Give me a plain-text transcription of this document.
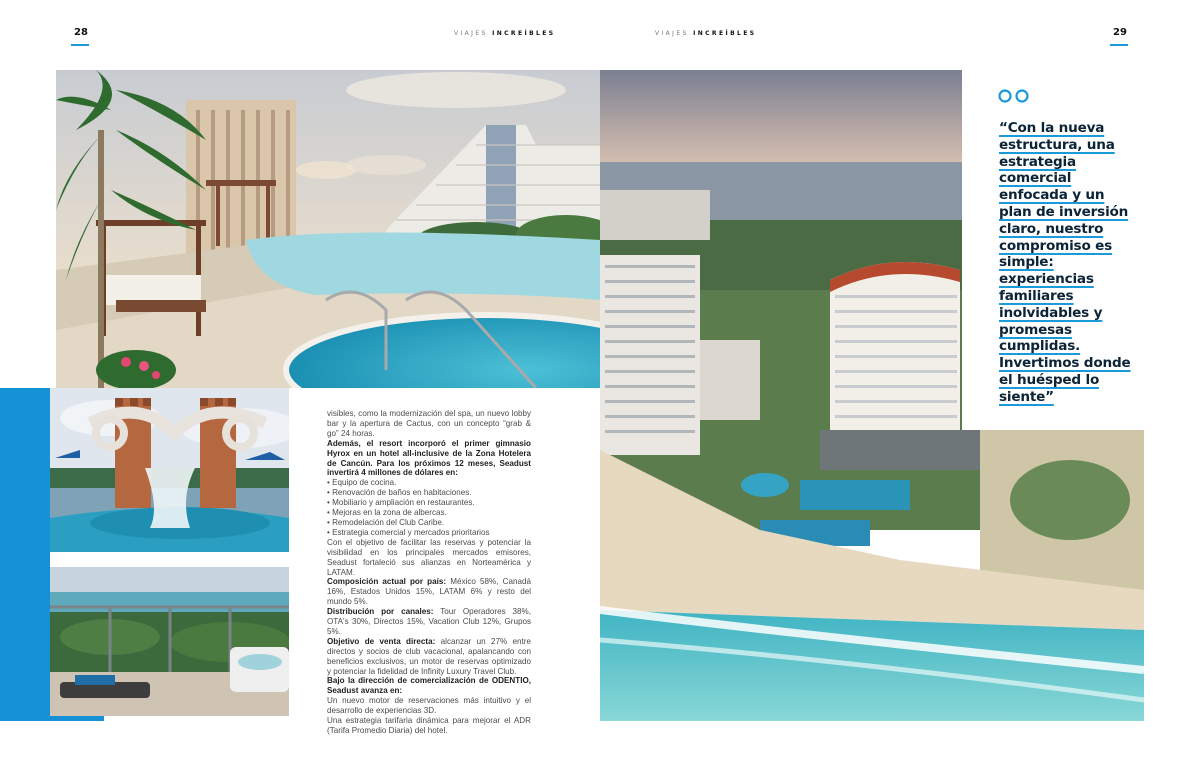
28	29
VIAJES INCREÍBLES	VIAJES INCREÍBLES

visibles, como la modernización del spa, un nuevo lobby bar y la apertura de Cactus, con un concepto “grab & go” 24 horas.

Además, el resort incorporó el primer gimnasio Hyrox en un hotel all-inclusive de la Zona Hotelera de Cancún. Para los próximos 12 meses, Seadust invertirá 4 millones de dólares en:

• Equipo de cocina.

• Renovación de baños en habitaciones.

• Mobiliario y ampliación en restaurantes.

• Mejoras en la zona de albercas.

• Remodelación del Club Caribe.

• Estrategia comercial y mercados prioritarios

Con el objetivo de facilitar las reservas y potenciar la visibilidad en los principales mercados emisores, Seadust fortaleció sus alianzas en Norteamérica y LATAM.

Composición actual por país: México 58%, Canadá 16%, Estados Unidos 15%, LATAM 6% y resto del mundo 5%.

Distribución por canales: Tour Operadores 38%, OTA's 30%, Directos 15%, Vacation Club 12%, Grupos 5%.

Objetivo de venta directa: alcanzar un 27% entre directos y socios de club vacacional, apalancando con beneficios exclusivos, un motor de reservas optimizado y potenciar la fidelidad de Infinity Luxury Travel Club.

Bajo la dirección de comercialización de ODENTIO, Seadust avanza en:

Un nuevo motor de reservaciones más intuitivo y el desarrollo de experiencias 3D.

Una estrategia tarifaria dinámica para mejorar el ADR (Tarifa Promedio Diaria) del hotel.

“Con la nueva estructura, una estrategia comercial enfocada y un plan de inversión claro, nuestro compromiso es simple: experiencias familiares inolvidables y promesas cumplidas. Invertimos donde el huésped lo siente”
